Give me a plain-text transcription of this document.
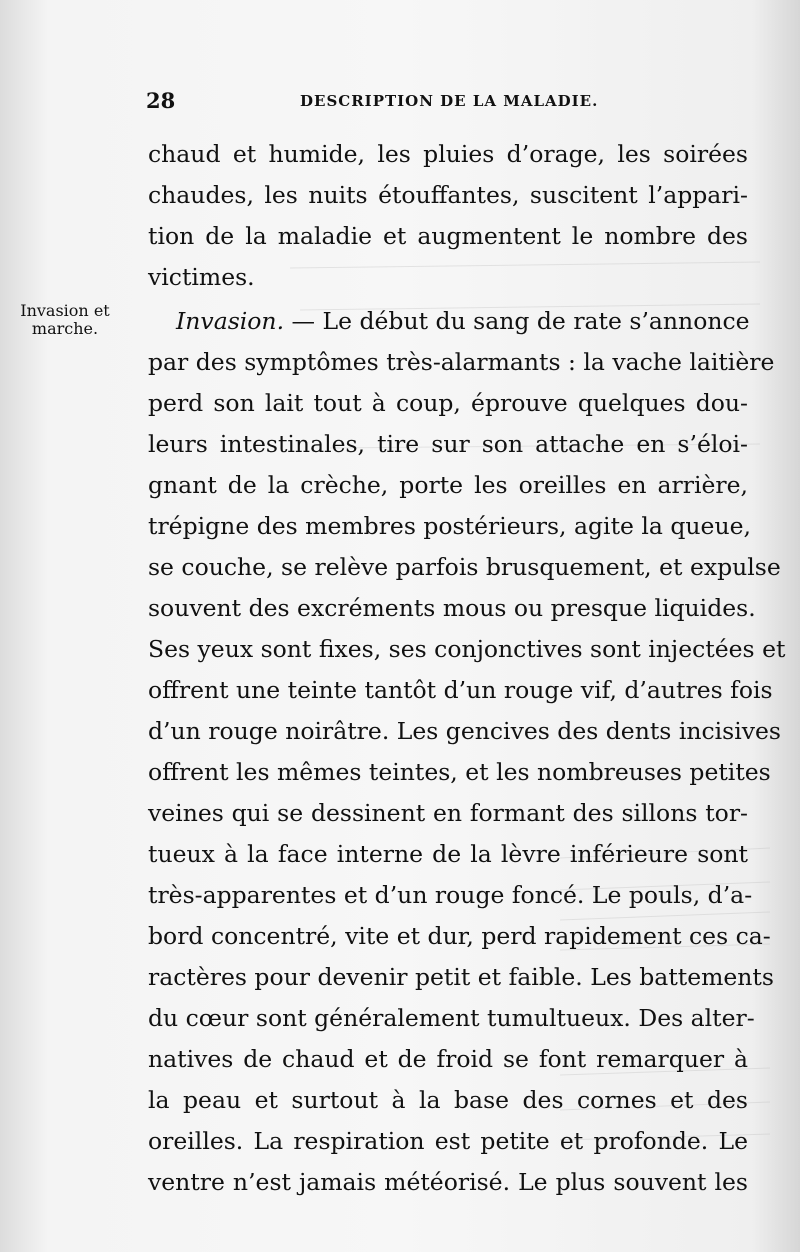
28	DESCRIPTION DE LA MALADIE.
Invasion et
marche.
chaud et humide, les pluies d’orage, les soirées
chaudes, les nuits étouffantes, suscitent l’appari-
tion de la maladie et augmentent le nombre des
victimes.
Invasion. — Le début du sang de rate s’annonce
par des symptômes très-alarmants : la vache laitière
perd son lait tout à coup, éprouve quelques dou-
leurs intestinales, tire sur son attache en s’éloi-
gnant de la crèche, porte les oreilles en arrière,
trépigne des membres postérieurs, agite la queue,
se couche, se relève parfois brusquement, et expulse
souvent des excréments mous ou presque liquides.
Ses yeux sont fixes, ses conjonctives sont injectées et
offrent une teinte tantôt d’un rouge vif, d’autres fois
d’un rouge noirâtre. Les gencives des dents incisives
offrent les mêmes teintes, et les nombreuses petites
veines qui se dessinent en formant des sillons tor-
tueux à la face interne de la lèvre inférieure sont
très-apparentes et d’un rouge foncé. Le pouls, d’a-
bord concentré, vite et dur, perd rapidement ces ca-
ractères pour devenir petit et faible. Les battements
du cœur sont généralement tumultueux. Des alter-
natives de chaud et de froid se font remarquer à
la peau et surtout à la base des cornes et des
oreilles. La respiration est petite et profonde. Le
ventre n’est jamais météorisé. Le plus souvent les
